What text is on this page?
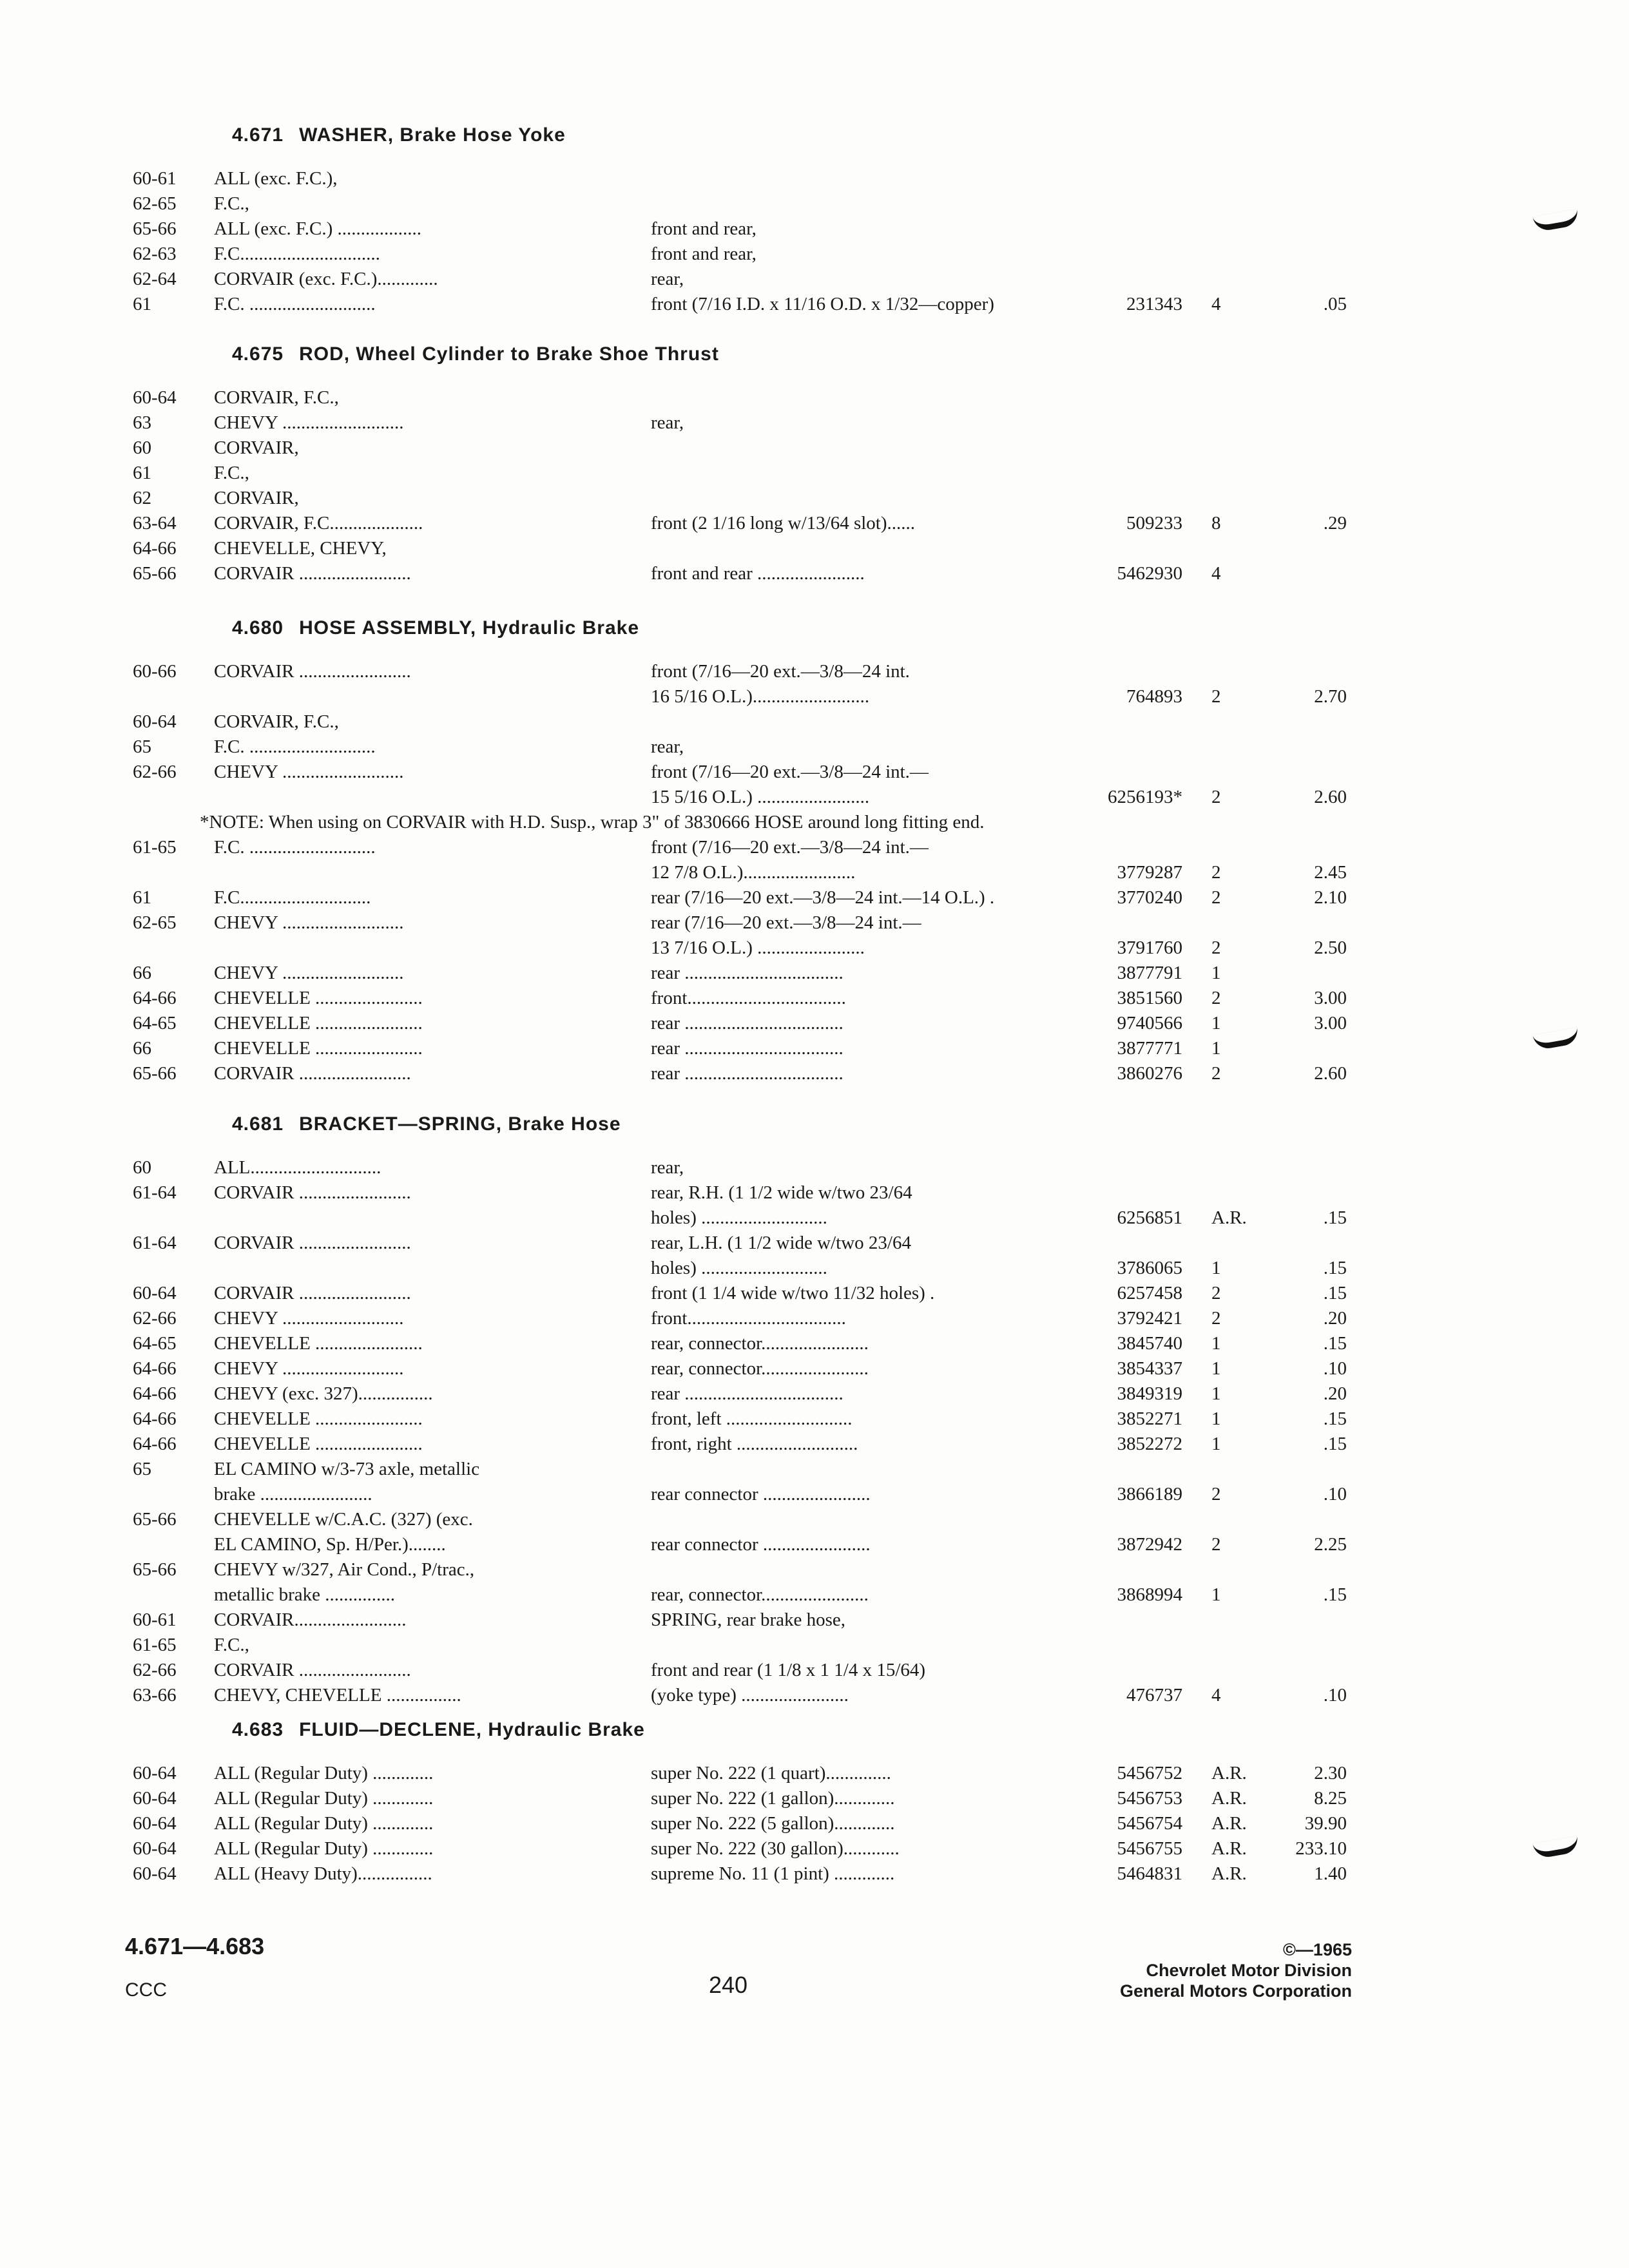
4.671 WASHER, Brake Hose Yoke
60-61	ALL (exc. F.C.),
62-65	F.C.,
65-66	ALL (exc. F.C.) ..................	front and rear,
62-63	F.C..............................	front and rear,
62-64	CORVAIR (exc. F.C.).............	rear,
61	F.C. ...........................	front (7/16 I.D. x 11/16 O.D. x 1/32—copper)	231343 4	.05
4.675 ROD, Wheel Cylinder to Brake Shoe Thrust
60-64	CORVAIR, F.C.,
63	CHEVY ..........................	rear,
60	CORVAIR,
61	F.C.,
62	CORVAIR,
63-64	CORVAIR, F.C....................	front (2 1/16 long w/13/64 slot)......	509233 8	.29
64-66	CHEVELLE, CHEVY,
65-66	CORVAIR ........................	front and rear .......................	5462930 4
4.680 HOSE ASSEMBLY, Hydraulic Brake
60-66	CORVAIR ........................	front (7/16—20 ext.—3/8—24 int.
16 5/16 O.L.).........................	764893 2	2.70
60-64	CORVAIR, F.C.,
65	F.C. ...........................	rear,
62-66	CHEVY ..........................	front (7/16—20 ext.—3/8—24 int.—
15 5/16 O.L.) ........................	6256193* 2	2.60
*NOTE: When using on CORVAIR with H.D. Susp., wrap 3" of 3830666 HOSE around long fitting end.
61-65	F.C. ...........................	front (7/16—20 ext.—3/8—24 int.—
12 7/8 O.L.)........................	3779287 2	2.45
61	F.C............................	rear (7/16—20 ext.—3/8—24 int.—14 O.L.) .	3770240 2	2.10
62-65	CHEVY ..........................	rear (7/16—20 ext.—3/8—24 int.—
13 7/16 O.L.) .......................	3791760 2	2.50
66	CHEVY ..........................	rear ..................................	3877791 1
64-66	CHEVELLE .......................	front..................................	3851560 2	3.00
64-65	CHEVELLE .......................	rear ..................................	9740566 1	3.00
66	CHEVELLE .......................	rear ..................................	3877771 1
65-66	CORVAIR ........................	rear ..................................	3860276 2	2.60
4.681 BRACKET—SPRING, Brake Hose
60	ALL............................	rear,
61-64	CORVAIR ........................	rear, R.H. (1 1/2 wide w/two 23/64
holes) ...........................	6256851 A.R.	.15
61-64	CORVAIR ........................	rear, L.H. (1 1/2 wide w/two 23/64
holes) ...........................	3786065 1	.15
60-64	CORVAIR ........................	front (1 1/4 wide w/two 11/32 holes) .	6257458 2	.15
62-66	CHEVY ..........................	front..................................	3792421 2	.20
64-65	CHEVELLE .......................	rear, connector.......................	3845740 1	.15
64-66	CHEVY ..........................	rear, connector.......................	3854337 1	.10
64-66	CHEVY (exc. 327)................	rear ..................................	3849319 1	.20
64-66	CHEVELLE .......................	front, left ...........................	3852271 1	.15
64-66	CHEVELLE .......................	front, right ..........................	3852272 1	.15
65	EL CAMINO w/3-73 axle, metallic
brake ........................	rear connector .......................	3866189 2	.10
65-66	CHEVELLE w/C.A.C. (327) (exc.
EL CAMINO, Sp. H/Per.)........	rear connector .......................	3872942 2	2.25
65-66	CHEVY w/327, Air Cond., P/trac.,
metallic brake ...............	rear, connector.......................	3868994 1	.15
60-61	CORVAIR........................	SPRING, rear brake hose,
61-65	F.C.,
62-66	CORVAIR ........................	front and rear (1 1/8 x 1 1/4 x 15/64)
63-66	CHEVY, CHEVELLE ................	(yoke type) .......................	476737 4	.10
4.683 FLUID—DECLENE, Hydraulic Brake
60-64	ALL (Regular Duty) .............	super No. 222 (1 quart)..............	5456752 A.R.	2.30
60-64	ALL (Regular Duty) .............	super No. 222 (1 gallon).............	5456753 A.R.	8.25
60-64	ALL (Regular Duty) .............	super No. 222 (5 gallon).............	5456754 A.R.	39.90
60-64	ALL (Regular Duty) .............	super No. 222 (30 gallon)............	5456755 A.R.	233.10
60-64	ALL (Heavy Duty)................	supreme No. 11 (1 pint) .............	5464831 A.R.	1.40
4.671—4.683
CCC	240
©—1965
Chevrolet Motor Division
General Motors Corporation
